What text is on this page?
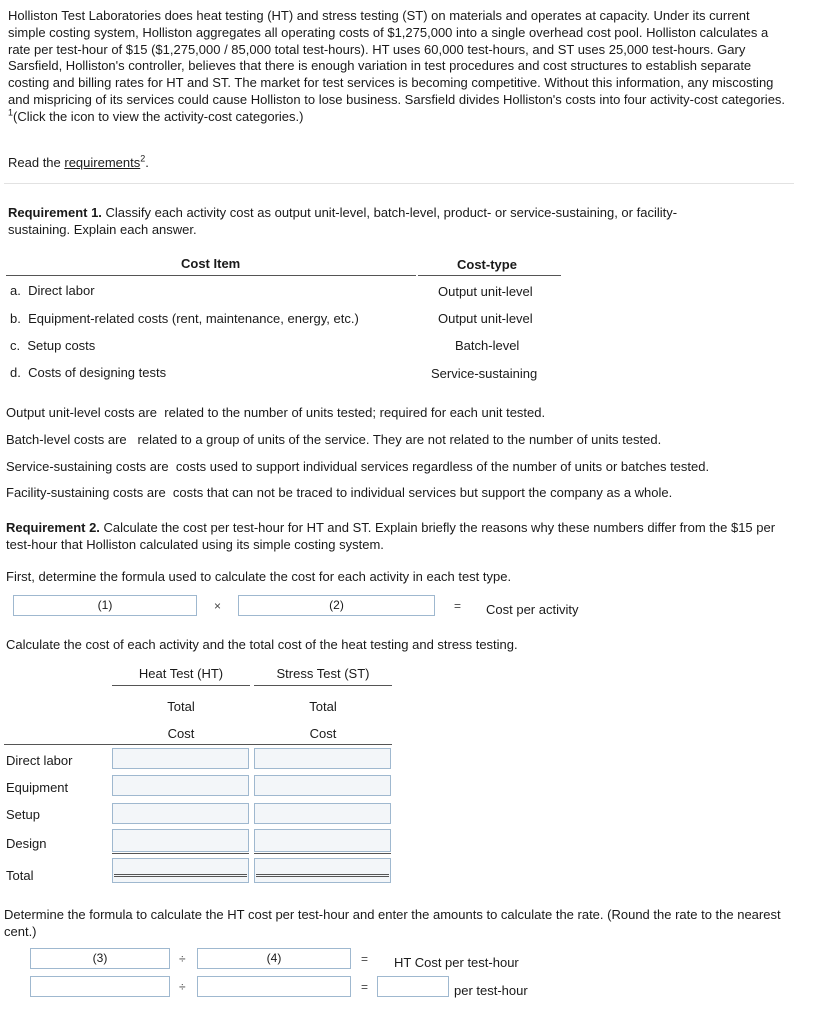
Holliston Test Laboratories does heat testing (HT) and stress testing (ST) on materials and operates at capacity. Under its current simple costing system, Holliston aggregates all operating costs of $1,275,000 into a single overhead cost pool. Holliston calculates a rate per test-hour of $15 ($1,275,000 / 85,000 total test-hours). HT uses 60,000 test-hours, and ST uses 25,000 test-hours. Gary Sarsfield, Holliston's controller, believes that there is enough variation in test procedures and cost structures to establish separate costing and billing rates for HT and ST. The market for test services is becoming competitive. Without this information, any miscosting and mispricing of its services could cause Holliston to lose business. Sarsfield divides Holliston's costs into four activity-cost categories.

$^1$(Click the icon to view the activity-cost categories.)

Read the requirements$^2$.
Requirement 1. Classify each activity cost as output unit-level, batch-level, product- or service-sustaining, or facility-sustaining. Explain each answer.
Cost Item	Cost-type
a. Direct labor	Output unit-level
b. Equipment-related costs (rent, maintenance, energy, etc.)	Output unit-level
c. Setup costs	Batch-level
d. Costs of designing tests	Service-sustaining
Output unit-level costs are related to the number of units tested; required for each unit tested.
Batch-level costs are related to a group of units of the service. They are not related to the number of units tested.
Service-sustaining costs are costs used to support individual services regardless of the number of units or batches tested.
Facility-sustaining costs are costs that can not be traced to individual services but support the company as a whole.
Requirement 2. Calculate the cost per test-hour for HT and ST. Explain briefly the reasons why these numbers differ from the $15 per test-hour that Holliston calculated using its simple costing system.
First, determine the formula used to calculate the cost for each activity in each test type.
(1)	×	(2)	= Cost per activity
Calculate the cost of each activity and the total cost of the heat testing and stress testing.
Heat Test (HT)	Stress Test (ST)
Total	Total
Cost	Cost
Direct labor
Equipment
Setup
Design
Total
Determine the formula to calculate the HT cost per test-hour and enter the amounts to calculate the rate. (Round the rate to the nearest cent.)
(3)	÷	(4)	= HT Cost per test-hour
÷	=	per test-hour
